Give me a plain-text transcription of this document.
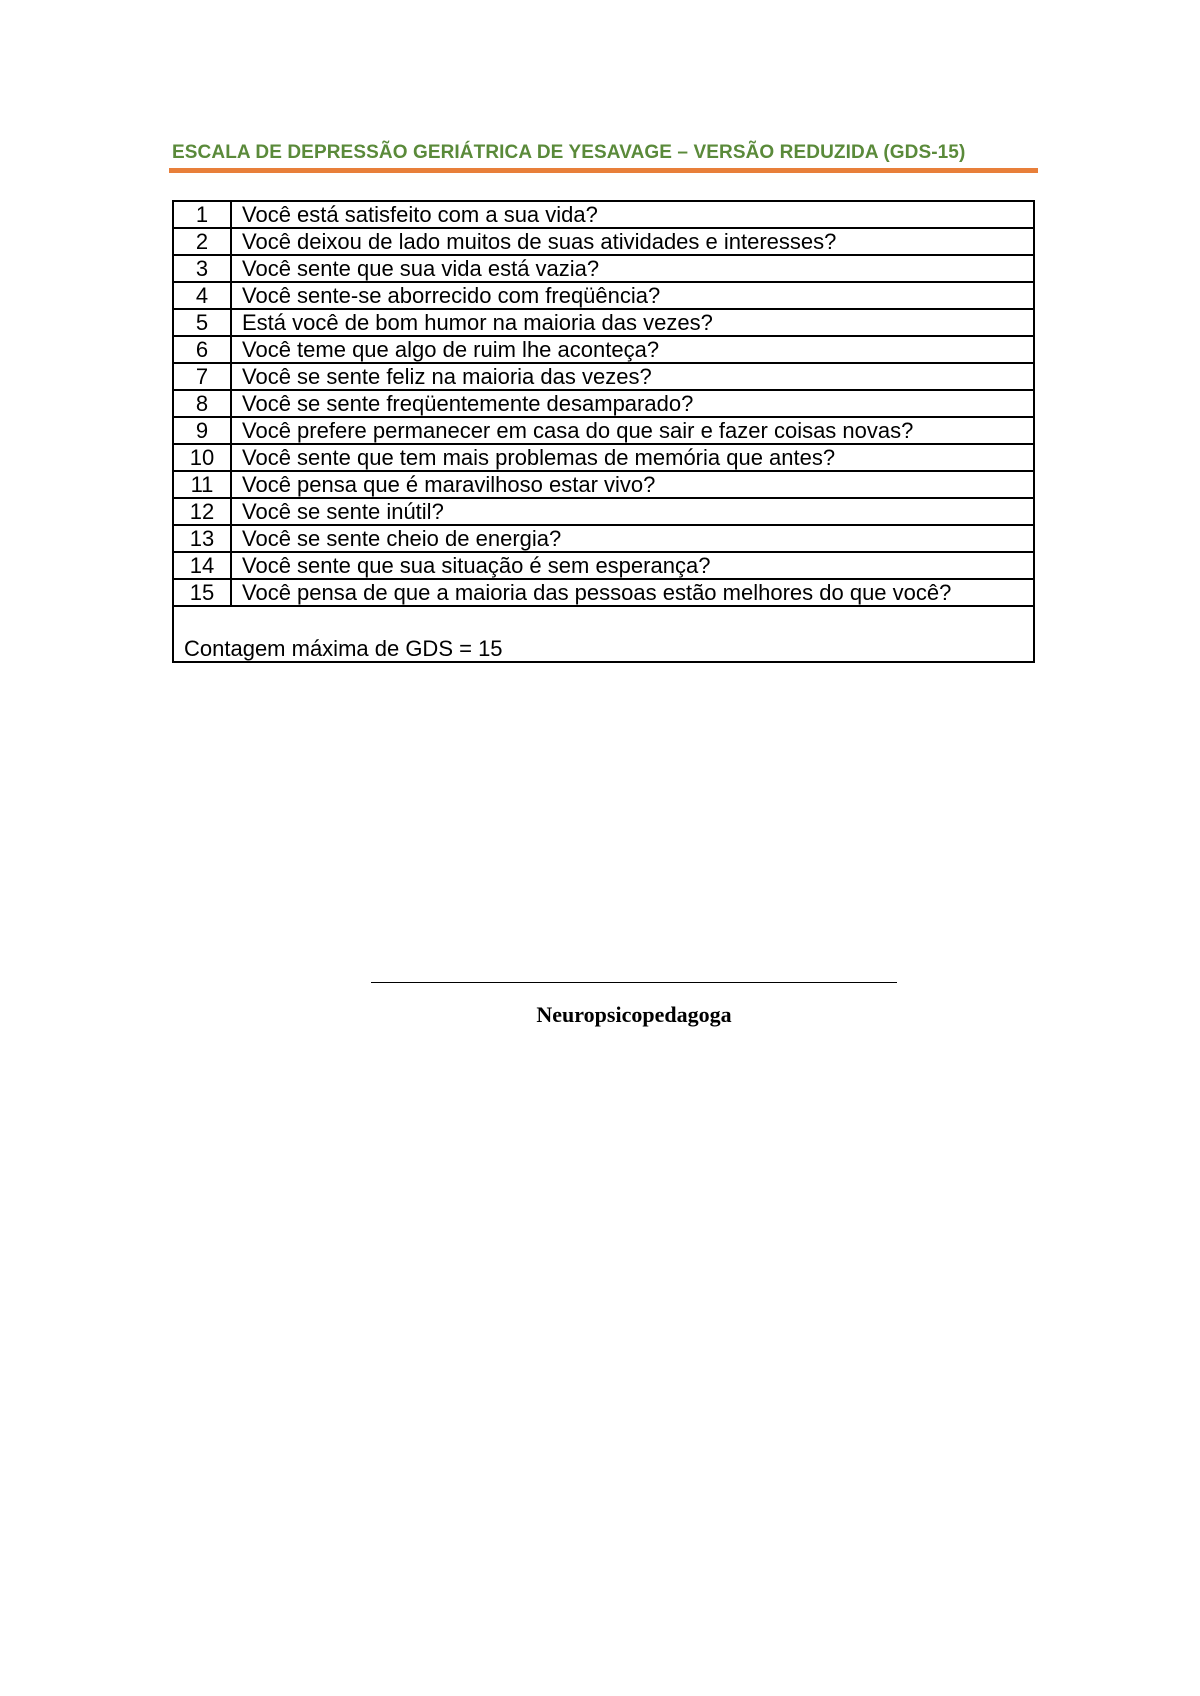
ESCALA DE DEPRESSÃO GERIÁTRICA DE YESAVAGE – VERSÃO REDUZIDA (GDS-15)
1	Você está satisfeito com a sua vida?
2	Você deixou de lado muitos de suas atividades e interesses?
3	Você sente que sua vida está vazia?
4	Você sente-se aborrecido com freqüência?
5	Está você de bom humor na maioria das vezes?
6	Você teme que algo de ruim lhe aconteça?
7	Você se sente feliz na maioria das vezes?
8	Você se sente freqüentemente desamparado?
9	Você prefere permanecer em casa do que sair e fazer coisas novas?
10	Você sente que tem mais problemas de memória que antes?
11	Você pensa que é maravilhoso estar vivo?
12	Você se sente inútil?
13	Você se sente cheio de energia?
14	Você sente que sua situação é sem esperança?
15	Você pensa de que a maioria das pessoas estão melhores do que você?
Contagem máxima de GDS = 15	
Neuropsicopedagoga
